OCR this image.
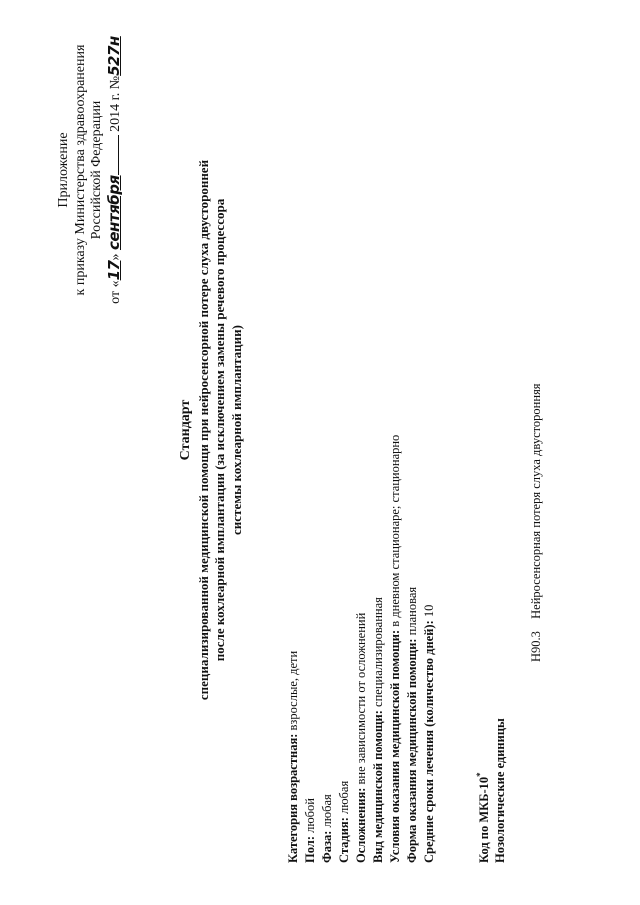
Приложение к приказу Министерства здравоохранения Российской Федерации
от «17» сентября 2014 г. №527н
Стандарт специализированной медицинской помощи при нейросенсорной потере слуха двусторонней после кохлеарной имплантации (за исключением замены речевого процессора системы кохлеарной имплантации)
Категория возрастная: взрослые, дети
Пол: любой
Фаза: любая
Стадия: любая Осложнения: вне зависимости от осложнений Вид медицинской помощи: специализированная Условия оказания медицинской помощи: в дневном стационаре; стационарно
Форма оказания медицинской помощи: плановая
Средние сроки лечения (количество дней): 10
Код по МКБ-10* Нозологические единицы
H90.3 Нейросенсорная потеря слуха двусторонняя
